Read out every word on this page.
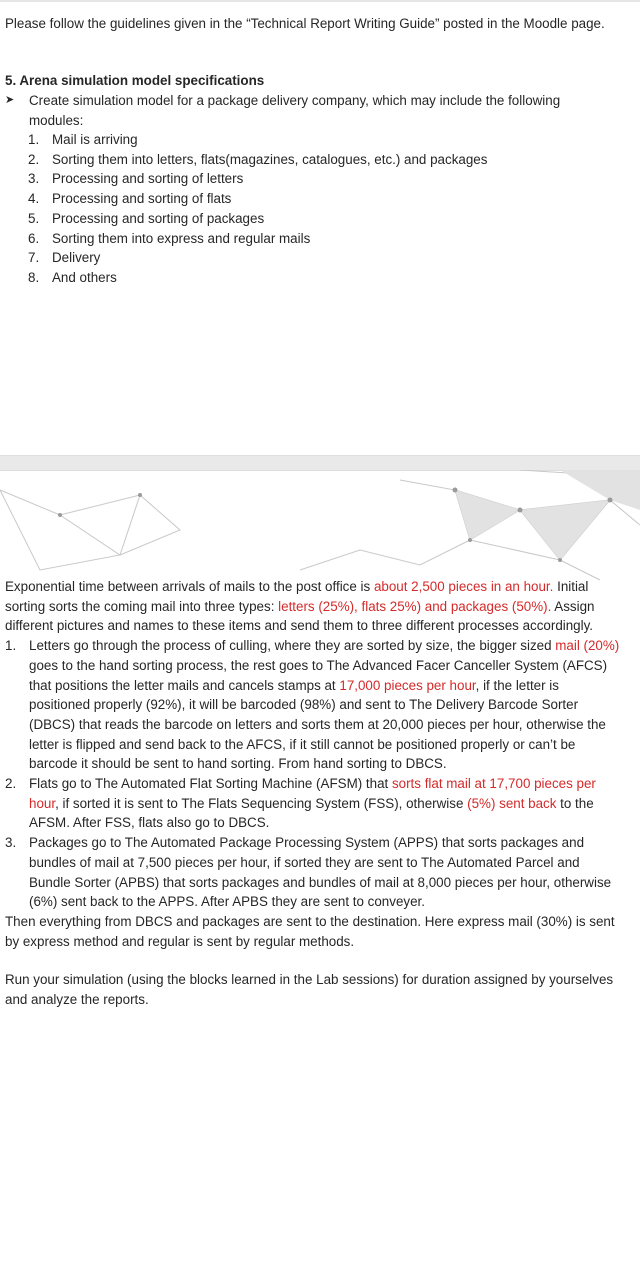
Please follow the guidelines given in the “Technical Report Writing Guide” posted in the Moodle page.

5. Arena simulation model specifications
➤ Create simulation model for a package delivery company, which may include the following modules:
1. Mail is arriving
2. Sorting them into letters, flats(magazines, catalogues, etc.) and packages
3. Processing and sorting of letters
4. Processing and sorting of flats
5. Processing and sorting of packages
6. Sorting them into express and regular mails
7. Delivery
8. And others

Exponential time between arrivals of mails to the post office is about 2,500 pieces in an hour. Initial sorting sorts the coming mail into three types: letters (25%), flats 25%) and packages (50%). Assign different pictures and names to these items and send them to three different processes accordingly.

1. Letters go through the process of culling, where they are sorted by size, the bigger sized mail (20%) goes to the hand sorting process, the rest goes to The Advanced Facer Canceller System (AFCS) that positions the letter mails and cancels stamps at 17,000 pieces per hour, if the letter is positioned properly (92%), it will be barcoded (98%) and sent to The Delivery Barcode Sorter (DBCS) that reads the barcode on letters and sorts them at 20,000 pieces per hour, otherwise the letter is flipped and send back to the AFCS, if it still cannot be positioned properly or can’t be barcode it should be sent to hand sorting. From hand sorting to DBCS.
2. Flats go to The Automated Flat Sorting Machine (AFSM) that sorts flat mail at 17,700 pieces per hour, if sorted it is sent to The Flats Sequencing System (FSS), otherwise (5%) sent back to the AFSM. After FSS, flats also go to DBCS.
3. Packages go to The Automated Package Processing System (APPS) that sorts packages and bundles of mail at 7,500 pieces per hour, if sorted they are sent to The Automated Parcel and Bundle Sorter (APBS) that sorts packages and bundles of mail at 8,000 pieces per hour, otherwise (6%) sent back to the APPS. After APBS they are sent to conveyer.

Then everything from DBCS and packages are sent to the destination. Here express mail (30%) is sent by express method and regular is sent by regular methods.

Run your simulation (using the blocks learned in the Lab sessions) for duration assigned by yourselves and analyze the reports.
